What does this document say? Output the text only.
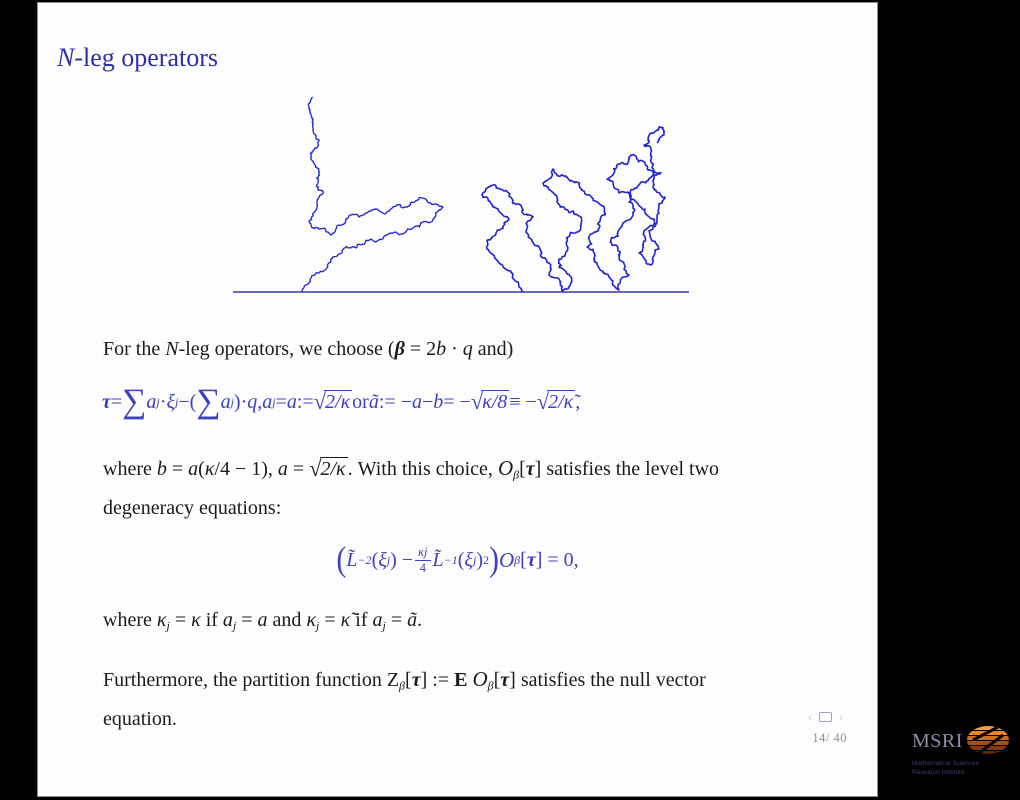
N-leg operators
For the N-leg operators, we choose (β = 2b · q and)
τ = ∑ a j · ξ j − ( ∑ a j ) · q , a j = a := √ 2/κ or ã := − a − b = − √ κ/8 ≡ − √ 2/κ̃ ,
where b = a(κ/4 − 1), a = √2/κ . With this choice, Oβ[τ] satisfies the level two
degeneracy equations:
( L̃ −2 ( ξ j ) − $\frac{\kappa j}{4}$ L̃ −1 ( ξ j ) 2 ) O β [ τ ] = 0,
where κj = κ if aj = a and κj = κ̃ if aj = ã.
Furthermore, the partition function Zβ[τ] := E Oβ[τ] satisfies the null vector
equation.	‹ ›
14/ 40	MSRI
Mathematical Sciences
Research Institute
